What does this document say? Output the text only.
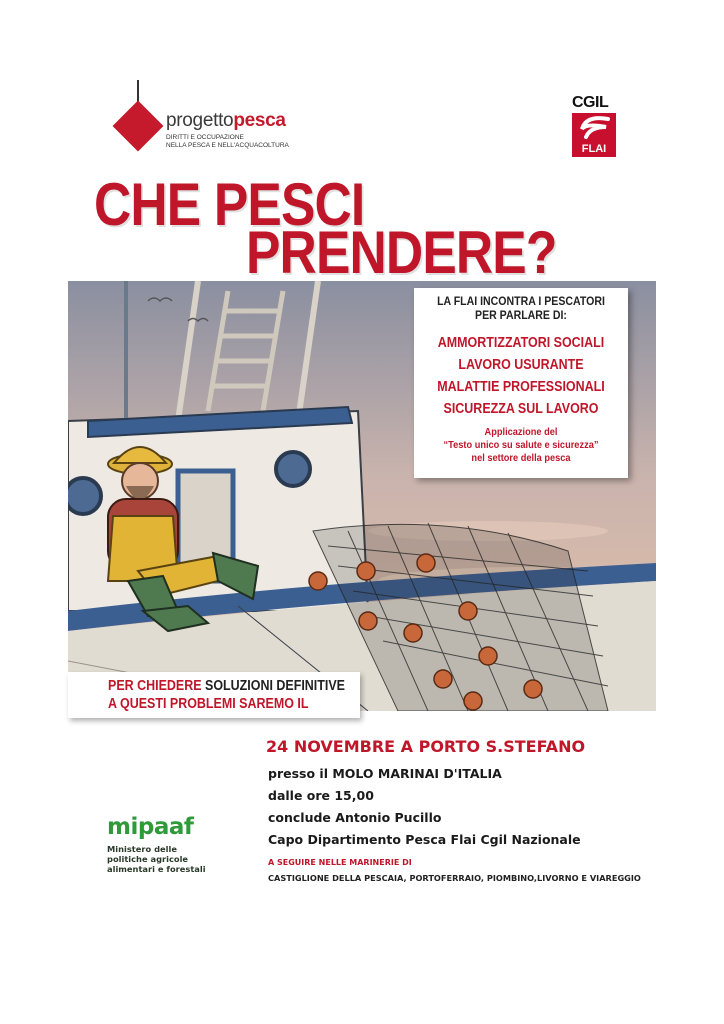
progettopesca
DIRITTI E OCCUPAZIONE
NELLA PESCA E NELL'ACQUACOLTURA
CGIL
FLAI
CHE PESCI
PRENDERE?
LA FLAI INCONTRA I PESCATORI
PER PARLARE DI:
AMMORTIZZATORI SOCIALI
LAVORO USURANTE
MALATTIE PROFESSIONALI
SICUREZZA SUL LAVORO
Applicazione del
“Testo unico su salute e sicurezza”
nel settore della pesca
PER CHIEDERE SOLUZIONI DEFINITIVE
A QUESTI PROBLEMI SAREMO IL
24 NOVEMBRE A PORTO S.STEFANO
presso il MOLO MARINAI D'ITALIA
dalle ore 15,00
conclude Antonio Pucillo
Capo Dipartimento Pesca Flai Cgil Nazionale
A SEGUIRE NELLE MARINERIE DI
CASTIGLIONE DELLA PESCAIA, PORTOFERRAIO, PIOMBINO,LIVORNO E VIAREGGIO
mipaaf
Ministero delle
politiche agricole
alimentari e forestali
